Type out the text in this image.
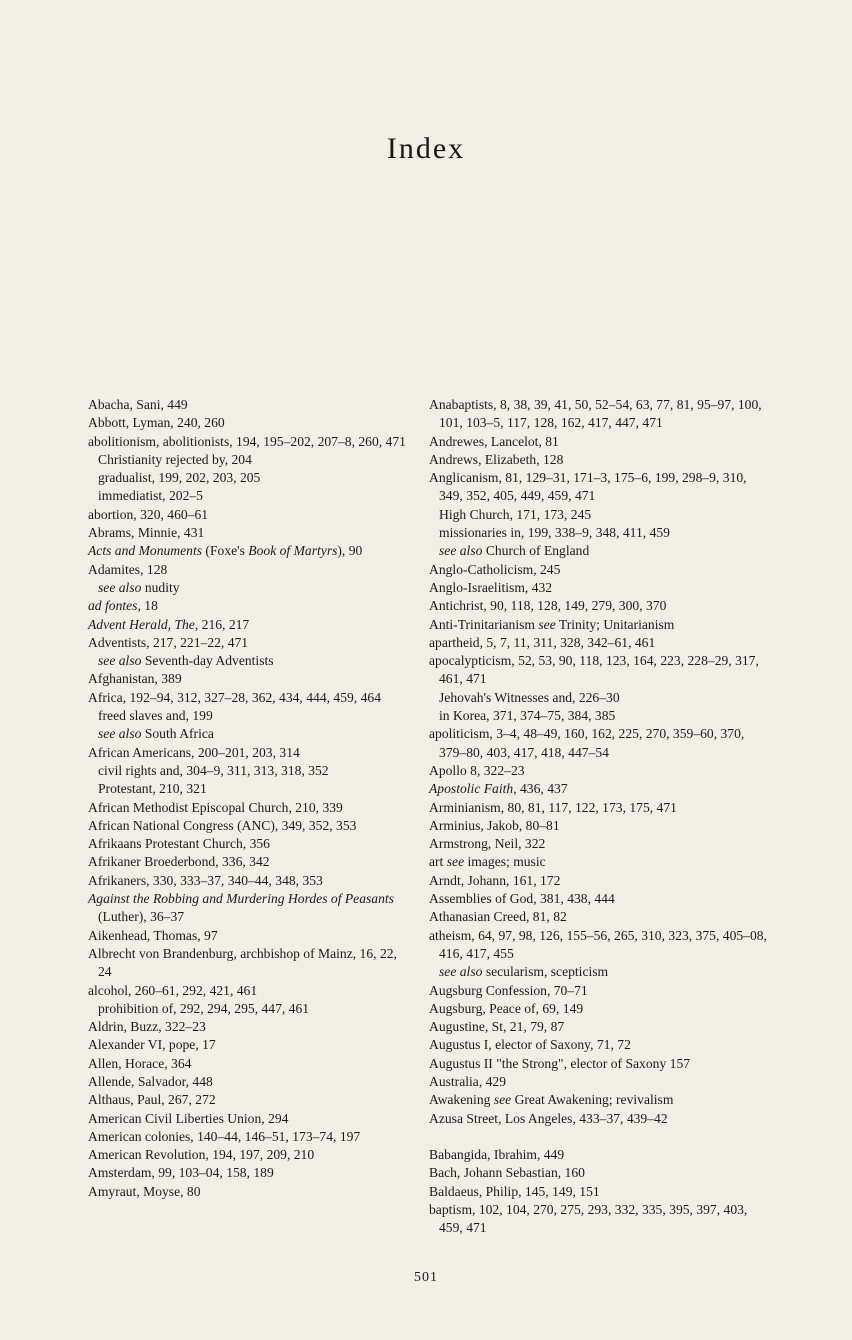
Index

Abacha, Sani, 449

Abbott, Lyman, 240, 260

abolitionism, abolitionists, 194, 195–202, 207–8, 260, 471

Christianity rejected by, 204

gradualist, 199, 202, 203, 205

immediatist, 202–5

abortion, 320, 460–61

Abrams, Minnie, 431

Acts and Monuments (Foxe's Book of Martyrs), 90

Adamites, 128

see also nudity

ad fontes, 18

Advent Herald, The, 216, 217

Adventists, 217, 221–22, 471

see also Seventh-day Adventists

Afghanistan, 389

Africa, 192–94, 312, 327–28, 362, 434, 444, 459, 464

freed slaves and, 199

see also South Africa

African Americans, 200–201, 203, 314

civil rights and, 304–9, 311, 313, 318, 352

Protestant, 210, 321

African Methodist Episcopal Church, 210, 339

African National Congress (ANC), 349, 352, 353

Afrikaans Protestant Church, 356

Afrikaner Broederbond, 336, 342

Afrikaners, 330, 333–37, 340–44, 348, 353

Against the Robbing and Murdering Hordes of Peasants (Luther), 36–37

Aikenhead, Thomas, 97

Albrecht von Brandenburg, archbishop of Mainz, 16, 22, 24

alcohol, 260–61, 292, 421, 461

prohibition of, 292, 294, 295, 447, 461

Aldrin, Buzz, 322–23

Alexander VI, pope, 17

Allen, Horace, 364

Allende, Salvador, 448

Althaus, Paul, 267, 272

American Civil Liberties Union, 294

American colonies, 140–44, 146–51, 173–74, 197

American Revolution, 194, 197, 209, 210

Amsterdam, 99, 103–04, 158, 189

Amyraut, Moyse, 80

Anabaptists, 8, 38, 39, 41, 50, 52–54, 63, 77, 81, 95–97, 100, 101, 103–5, 117, 128, 162, 417, 447, 471

Andrewes, Lancelot, 81

Andrews, Elizabeth, 128

Anglicanism, 81, 129–31, 171–3, 175–6, 199, 298–9, 310, 349, 352, 405, 449, 459, 471

High Church, 171, 173, 245

missionaries in, 199, 338–9, 348, 411, 459

see also Church of England

Anglo-Catholicism, 245

Anglo-Israelitism, 432

Antichrist, 90, 118, 128, 149, 279, 300, 370

Anti-Trinitarianism see Trinity; Unitarianism

apartheid, 5, 7, 11, 311, 328, 342–61, 461

apocalypticism, 52, 53, 90, 118, 123, 164, 223, 228–29, 317, 461, 471

Jehovah's Witnesses and, 226–30

in Korea, 371, 374–75, 384, 385

apoliticism, 3–4, 48–49, 160, 162, 225, 270, 359–60, 370, 379–80, 403, 417, 418, 447–54

Apollo 8, 322–23

Apostolic Faith, 436, 437

Arminianism, 80, 81, 117, 122, 173, 175, 471

Arminius, Jakob, 80–81

Armstrong, Neil, 322

art see images; music

Arndt, Johann, 161, 172

Assemblies of God, 381, 438, 444

Athanasian Creed, 81, 82

atheism, 64, 97, 98, 126, 155–56, 265, 310, 323, 375, 405–08, 416, 417, 455

see also secularism, scepticism

Augsburg Confession, 70–71

Augsburg, Peace of, 69, 149

Augustine, St, 21, 79, 87

Augustus I, elector of Saxony, 71, 72

Augustus II "the Strong", elector of Saxony 157

Australia, 429

Awakening see Great Awakening; revivalism

Azusa Street, Los Angeles, 433–37, 439–42

Babangida, Ibrahim, 449

Bach, Johann Sebastian, 160

Baldaeus, Philip, 145, 149, 151

baptism, 102, 104, 270, 275, 293, 332, 335, 395, 397, 403, 459, 471

501
